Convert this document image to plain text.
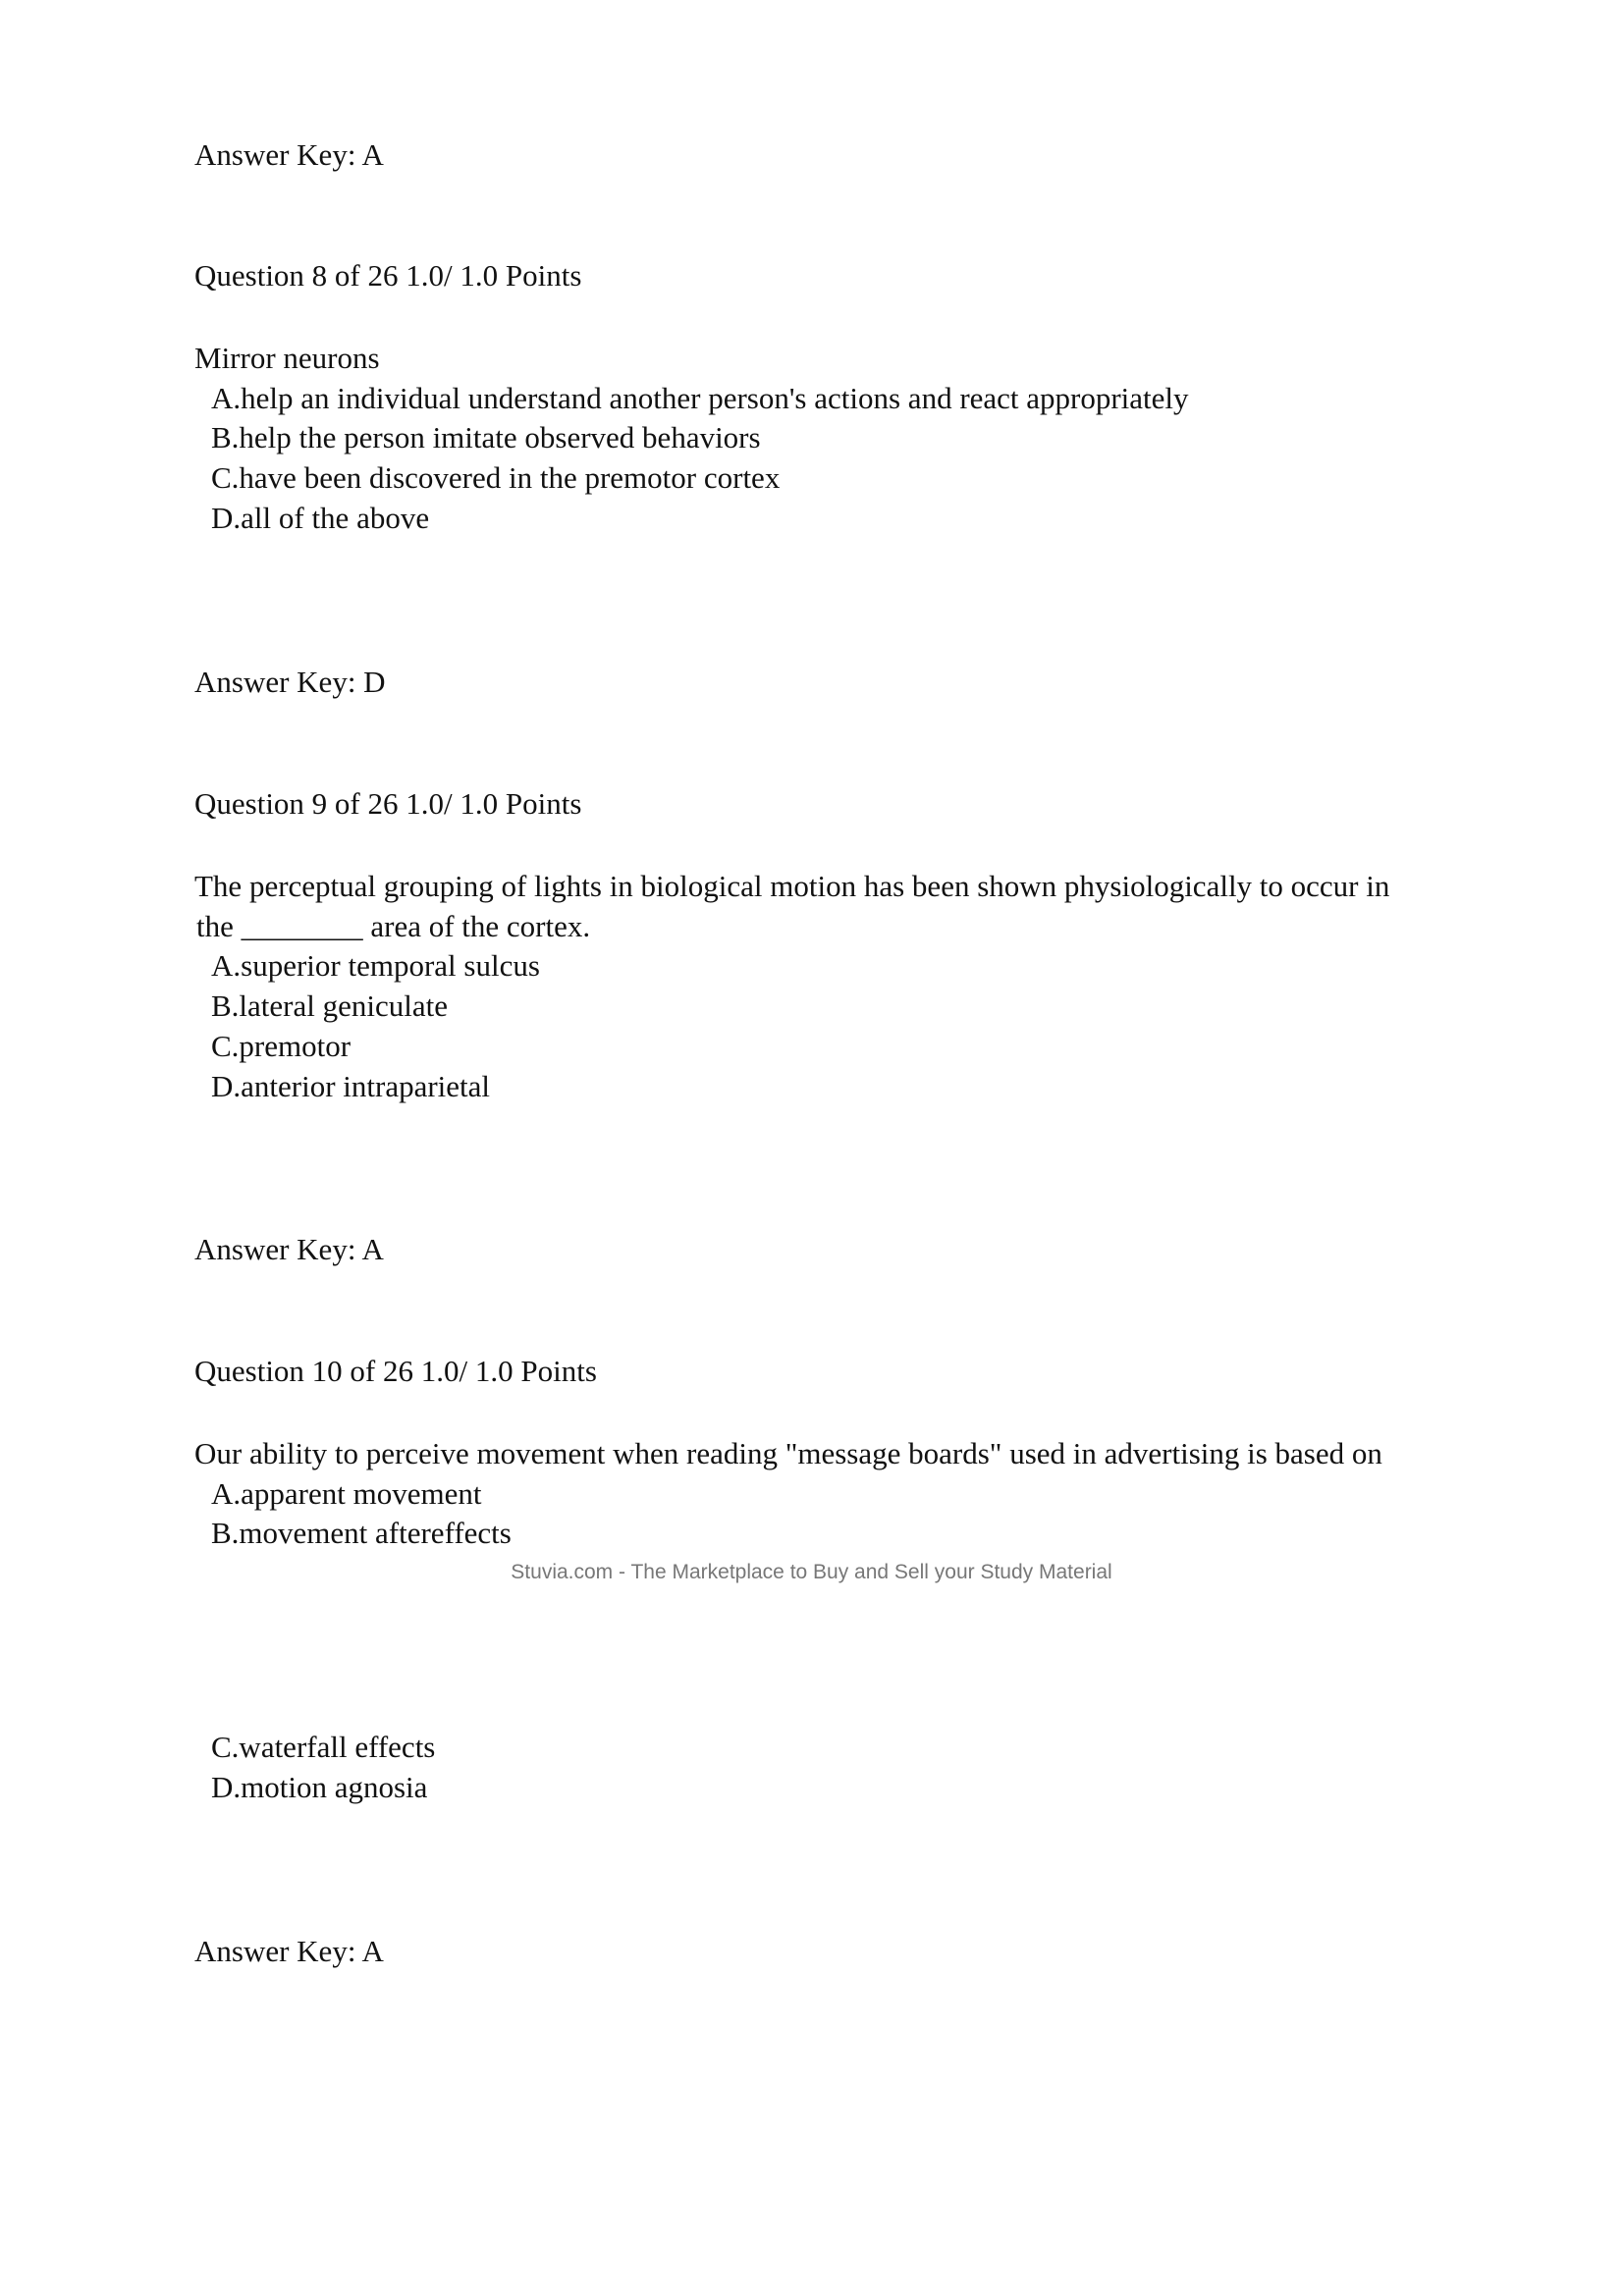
Answer Key: A
Question 8 of 26 1.0/ 1.0 Points
Mirror neurons
A.help an individual understand another person's actions and react appropriately
B.help the person imitate observed behaviors
C.have been discovered in the premotor cortex
D.all of the above
Answer Key: D
Question 9 of 26 1.0/ 1.0 Points
The perceptual grouping of lights in biological motion has been shown physiologically to occur in
the ________ area of the cortex.
A.superior temporal sulcus
B.lateral geniculate
C.premotor
D.anterior intraparietal
Answer Key: A
Question 10 of 26 1.0/ 1.0 Points
Our ability to perceive movement when reading "message boards" used in advertising is based on
A.apparent movement
B.movement aftereffects
Stuvia.com - The Marketplace to Buy and Sell your Study Material
C.waterfall effects
D.motion agnosia
Answer Key: A
